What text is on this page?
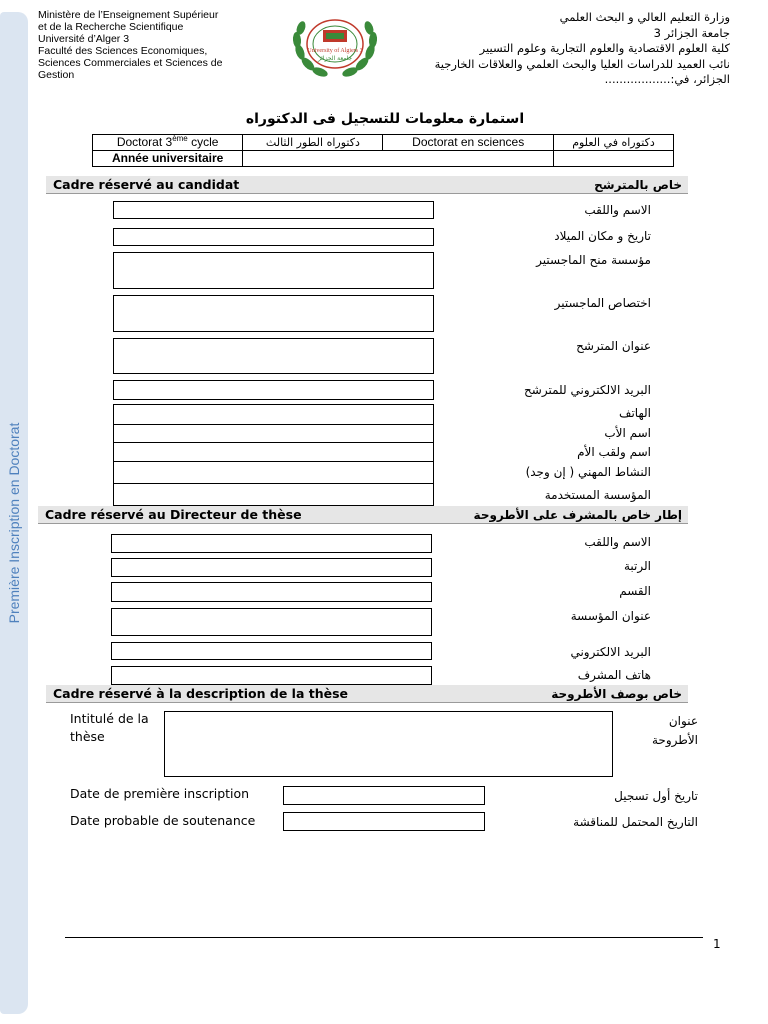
Première Inscription en Doctorat
Ministère de l’Enseignement Supérieur
et de la Recherche Scientifique
Université d’Alger 3
Faculté des Sciences Economiques,
Sciences Commerciales et Sciences de
Gestion
University of Algiers 3
جامعة الجزائر
وزارة التعليم العالي و البحث العلمي
جامعة الجزائر 3
كلية العلوم الاقتصادية والعلوم التجارية وعلوم التسيير
نائب العميد للدراسات العليا والبحث العلمي والعلاقات الخارجية
الجزائر، في:..................
استمارة معلومات للتسجيل فى الدكتوراه
Doctorat 3ème cycle	دكتوراه الطور الثالث	Doctorat en sciences	دكتوراه في العلوم
Année universitaire			
Cadre réservé au candidat	خاص بالمترشح
الاسم واللقب
تاريخ و مكان الميلاد
مؤسسة منح الماجستير
اختصاص الماجستير
عنوان المترشح
البريد الالكتروني للمترشح
الهاتف
اسم الأب
اسم ولقب الأم
النشاط المهني ( إن وجد)
المؤسسة المستخدمة
Cadre réservé au Directeur de thèse	إطار خاص بالمشرف على الأطروحة
الاسم واللقب
الرتبة
القسم
عنوان المؤسسة
البريد الالكتروني
هاتف المشرف
Cadre réservé à la description de la thèse	خاص بوصف الأطروحة
Intitulé de la
thèse
عنوان
الأطروحة
Date de première inscription	تاريخ أول تسجيل
Date probable de soutenance	التاريخ المحتمل للمناقشة
1
